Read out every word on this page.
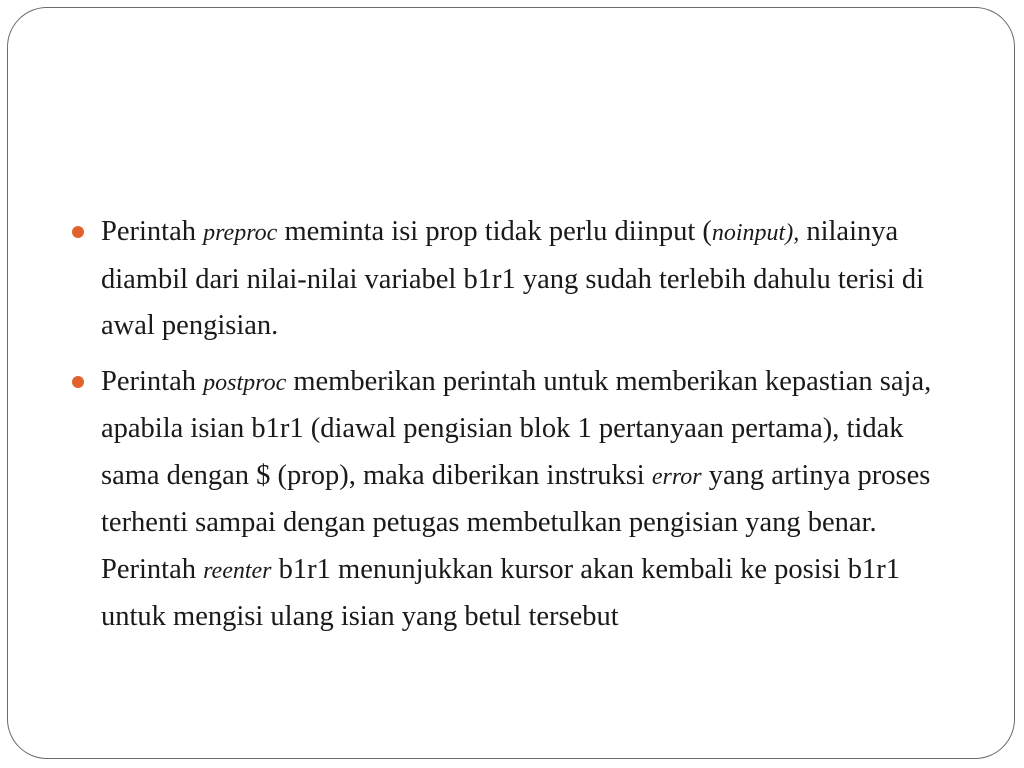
Perintah preproc meminta isi prop tidak perlu diinput (noinput), nilainya diambil dari nilai-nilai variabel b1r1 yang sudah terlebih dahulu terisi di awal pengisian.
Perintah postproc memberikan perintah untuk memberikan kepastian saja, apabila isian b1r1 (diawal pengisian blok 1 pertanyaan pertama), tidak sama dengan $ (prop), maka diberikan instruksi error yang artinya proses terhenti sampai dengan petugas membetulkan pengisian yang benar. Perintah reenter b1r1 menunjukkan kursor akan kembali ke posisi b1r1 untuk mengisi ulang isian yang betul tersebut
